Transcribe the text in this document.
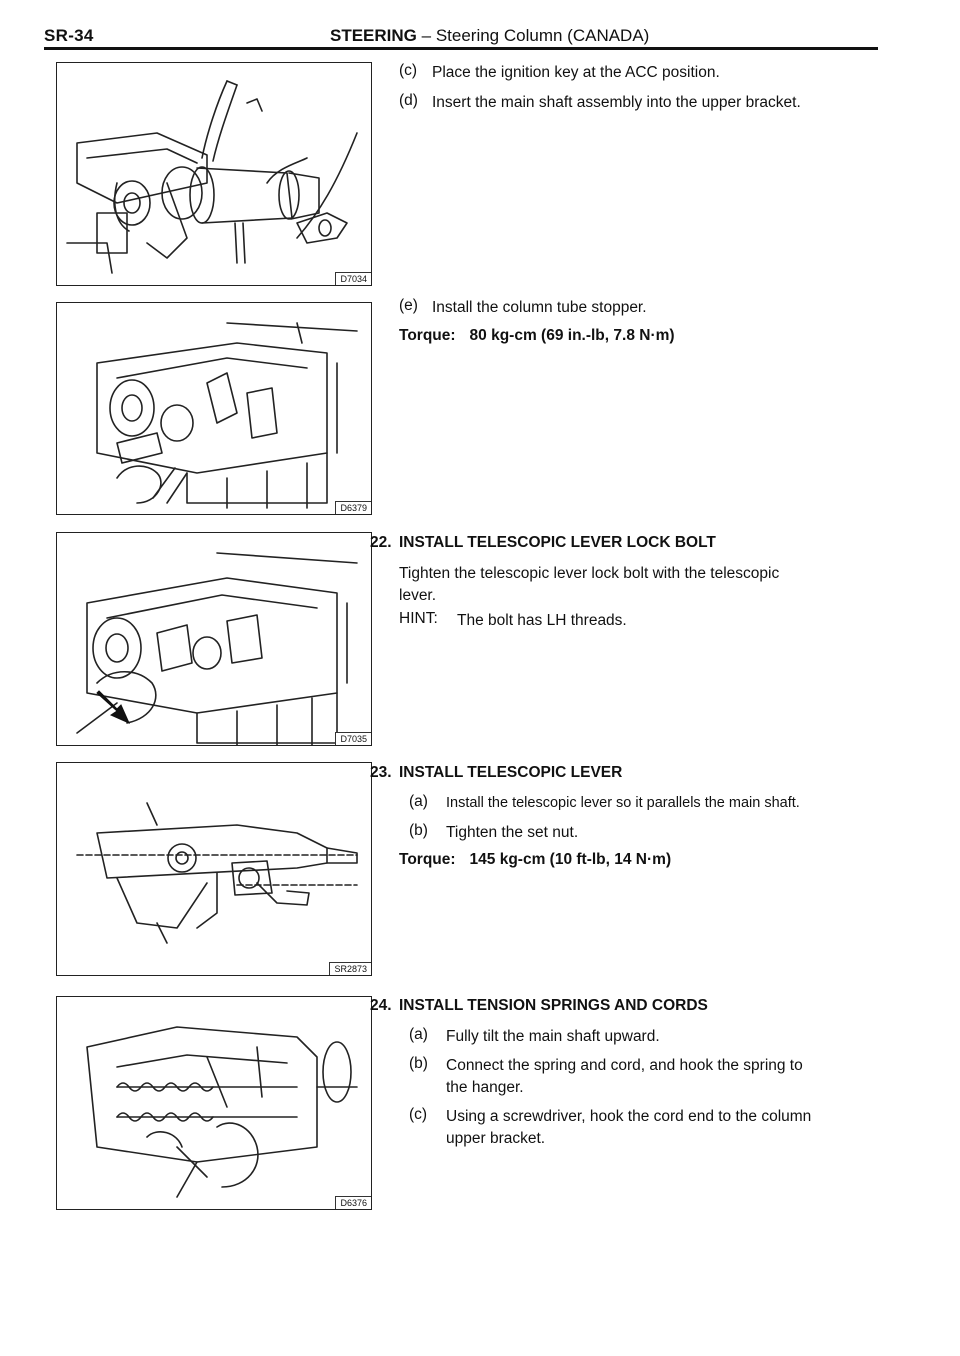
SR-34	STEERING – Steering Column (CANADA)
D7034
D6379
D7035
SR2873
D6376
(c) Place the ignition key at the ACC position.
(d) Insert the main shaft assembly into the upper bracket.
(e) Install the column tube stopper.
Torque: 80 kg-cm (69 in.-lb, 7.8 N·m)
22. INSTALL TELESCOPIC LEVER LOCK BOLT
Tighten the telescopic lever lock bolt with the telescopic
lever.
HINT: The bolt has LH threads.
23. INSTALL TELESCOPIC LEVER
(a) Install the telescopic lever so it parallels the main shaft.
(b) Tighten the set nut.
Torque: 145 kg-cm (10 ft-lb, 14 N·m)
24. INSTALL TENSION SPRINGS AND CORDS
(a) Fully tilt the main shaft upward.
(b) Connect the spring and cord, and hook the spring to
the hanger.
(c) Using a screwdriver, hook the cord end to the column
upper bracket.
